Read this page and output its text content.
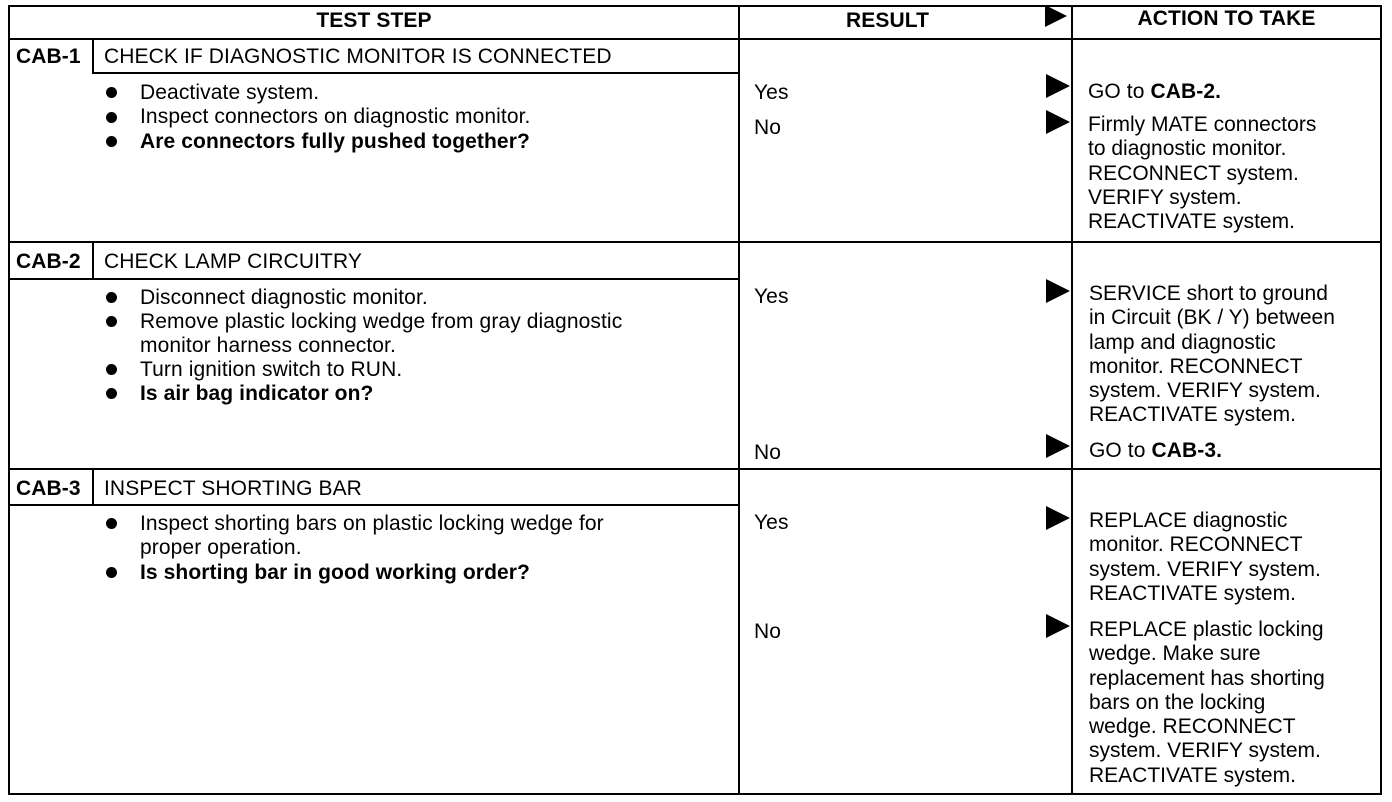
TEST STEP	RESULT	ACTION TO TAKE
CAB-1 CHECK IF DIAGNOSTIC MONITOR IS CONNECTED
Deactivate system.
Inspect connectors on diagnostic monitor.
Are connectors fully pushed together?
Yes	GO to CAB-2.
No	Firmly MATE connectors
to diagnostic monitor.
RECONNECT system.
VERIFY system.
REACTIVATE system.
CAB-2 CHECK LAMP CIRCUITRY
Disconnect diagnostic monitor.
Remove plastic locking wedge from gray diagnostic
monitor harness connector.
Turn ignition switch to RUN.
Is air bag indicator on?
Yes	SERVICE short to ground
in Circuit (BK / Y) between
lamp and diagnostic
monitor. RECONNECT
system. VERIFY system.
REACTIVATE system.
No	GO to CAB-3.
CAB-3 INSPECT SHORTING BAR
Inspect shorting bars on plastic locking wedge for
proper operation.
Is shorting bar in good working order?
Yes	REPLACE diagnostic
monitor. RECONNECT
system. VERIFY system.
REACTIVATE system.
No	REPLACE plastic locking
wedge. Make sure
replacement has shorting
bars on the locking
wedge. RECONNECT
system. VERIFY system.
REACTIVATE system.
